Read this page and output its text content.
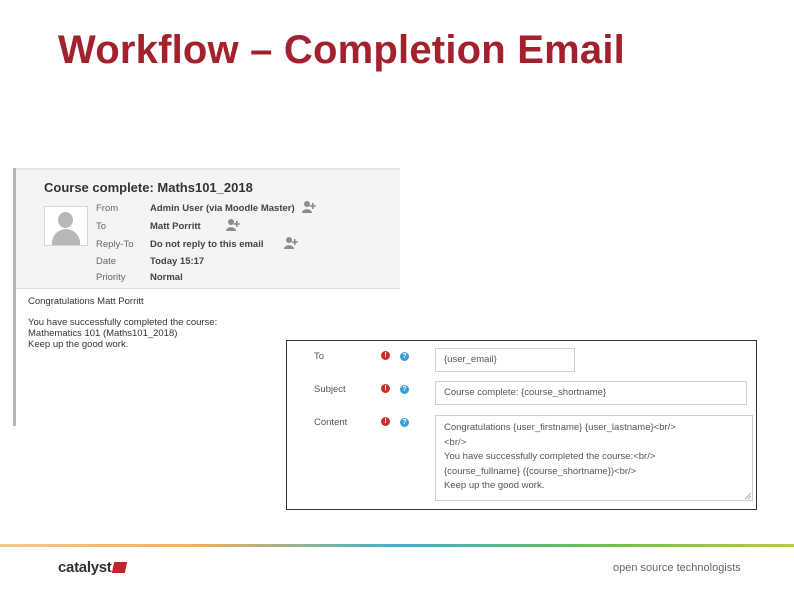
Workflow – Completion Email
Course complete: Maths101_2018
From	Admin User (via Moodle Master)
To	Matt Porritt
Reply-To	Do not reply to this email
Date	Today 15:17
Priority	Normal
Congratulations Matt Porritt
You have successfully completed the course:
Mathematics 101 (Maths101_2018)
Keep up the good work.
To	!	?	{user_email}
Subject	!	?	Course complete: {course_shortname}
Content	!	?	Congratulations {user_firstname} {user_lastname}<br/>
<br/>
You have successfully completed the course:<br/>
{course_fullname} ({course_shortname})<br/>
Keep up the good work.
catalyst	open source technologists
